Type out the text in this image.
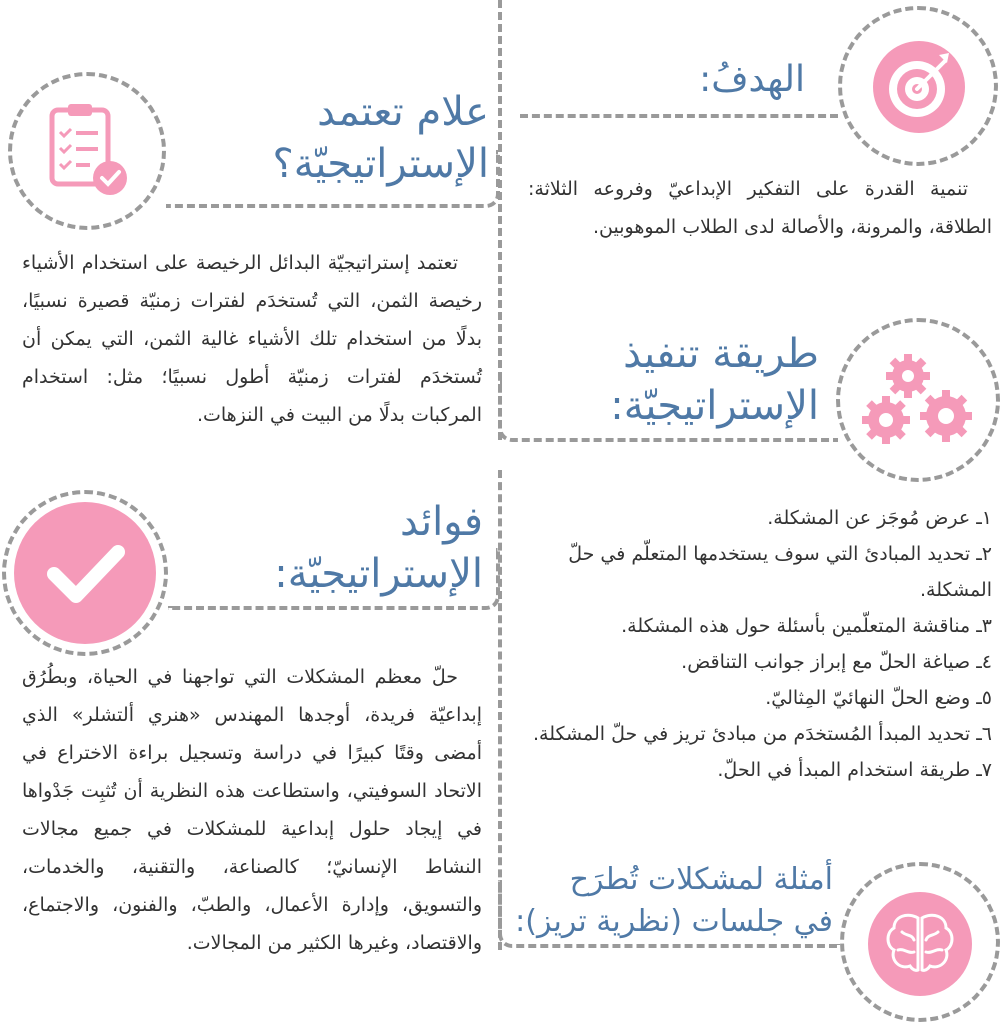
الهدفُ:

تنمية القدرة على التفكير الإبداعيّ وفروعه الثلاثة: الطلاقة، والمرونة، والأصالة لدى الطلاب الموهوبين.

علام تعتمد
الإستراتيجيّة؟

تعتمد إستراتيجيّة البدائل الرخيصة على استخدام الأشياء رخيصة الثمن، التي تُستخدَم لفترات زمنيّة قصيرة نسبيًا، بدلًا من استخدام تلك الأشياء غالية الثمن، التي يمكن أن تُستخدَم لفترات زمنيّة أطول نسبيًا؛ مثل: استخدام المركبات بدلًا من البيت في النزهات.

طريقة تنفيذ
الإستراتيجيّة:
١ـ عرض مُوجَز عن المشكلة.
٢ـ تحديد المبادئ التي سوف يستخدمها المتعلّم في حلّ المشكلة.
٣ـ مناقشة المتعلّمين بأسئلة حول هذه المشكلة.
٤ـ صياغة الحلّ مع إبراز جوانب التناقض.
٥ـ وضع الحلّ النهائيّ المِثاليّ.
٦ـ تحديد المبدأ المُستخدَم من مبادئ تريز في حلّ المشكلة.
٧ـ طريقة استخدام المبدأ في الحلّ.
فوائد
الإستراتيجيّة:

حلّ معظم المشكلات التي تواجهنا في الحياة، وبطُرُق إبداعيّة فريدة، أوجدها المهندس «هنري ألتشلر» الذي أمضى وقتًا كبيرًا في دراسة وتسجيل براءة الاختراع في الاتحاد السوفيتي، واستطاعت هذه النظرية أن تُثبِت جَدْواها في إيجاد حلول إبداعية للمشكلات في جميع مجالات النشاط الإنسانيّ؛ كالصناعة، والتقنية، والخدمات، والتسويق، وإدارة الأعمال، والطبّ، والفنون، والاجتماع، والاقتصاد، وغيرها الكثير من المجالات.

أمثلة لمشكلات تُطرَح
في جلسات (نظرية تريز):
